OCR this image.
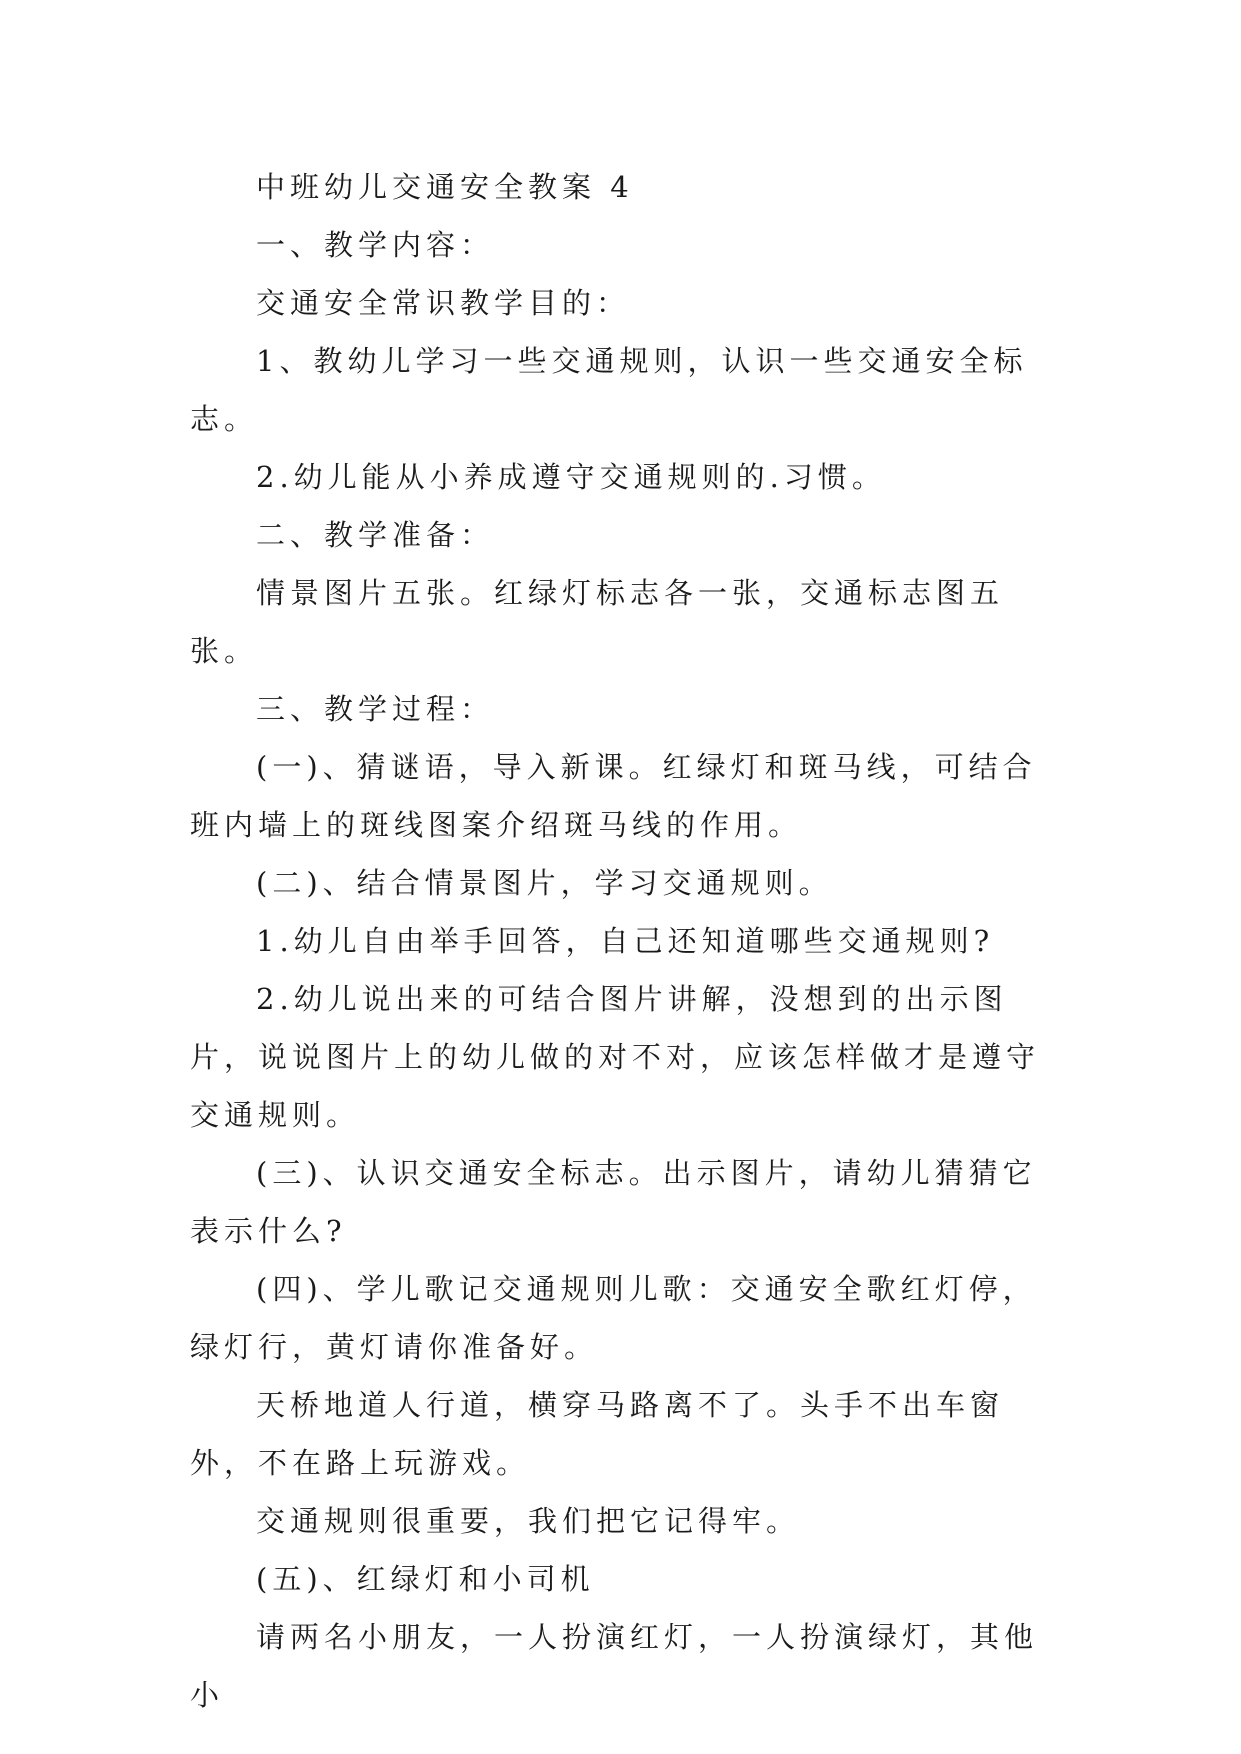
中班幼儿交通安全教案 4

一、教学内容：

交通安全常识教学目的：

1、教幼儿学习一些交通规则，认识一些交通安全标志。

2.幼儿能从小养成遵守交通规则的.习惯。

二、教学准备：

情景图片五张。红绿灯标志各一张，交通标志图五张。

三、教学过程：

(一)、猜谜语，导入新课。红绿灯和斑马线，可结合班内墙上的斑线图案介绍斑马线的作用。

(二)、结合情景图片，学习交通规则。

1.幼儿自由举手回答，自己还知道哪些交通规则?

2.幼儿说出来的可结合图片讲解，没想到的出示图片，说说图片上的幼儿做的对不对，应该怎样做才是遵守交通规则。

(三)、认识交通安全标志。出示图片，请幼儿猜猜它表示什么?

(四)、学儿歌记交通规则儿歌：交通安全歌红灯停，绿灯行，黄灯请你准备好。

天桥地道人行道，横穿马路离不了。头手不出车窗外，不在路上玩游戏。

交通规则很重要，我们把它记得牢。

(五)、红绿灯和小司机

请两名小朋友，一人扮演红灯，一人扮演绿灯，其他小
